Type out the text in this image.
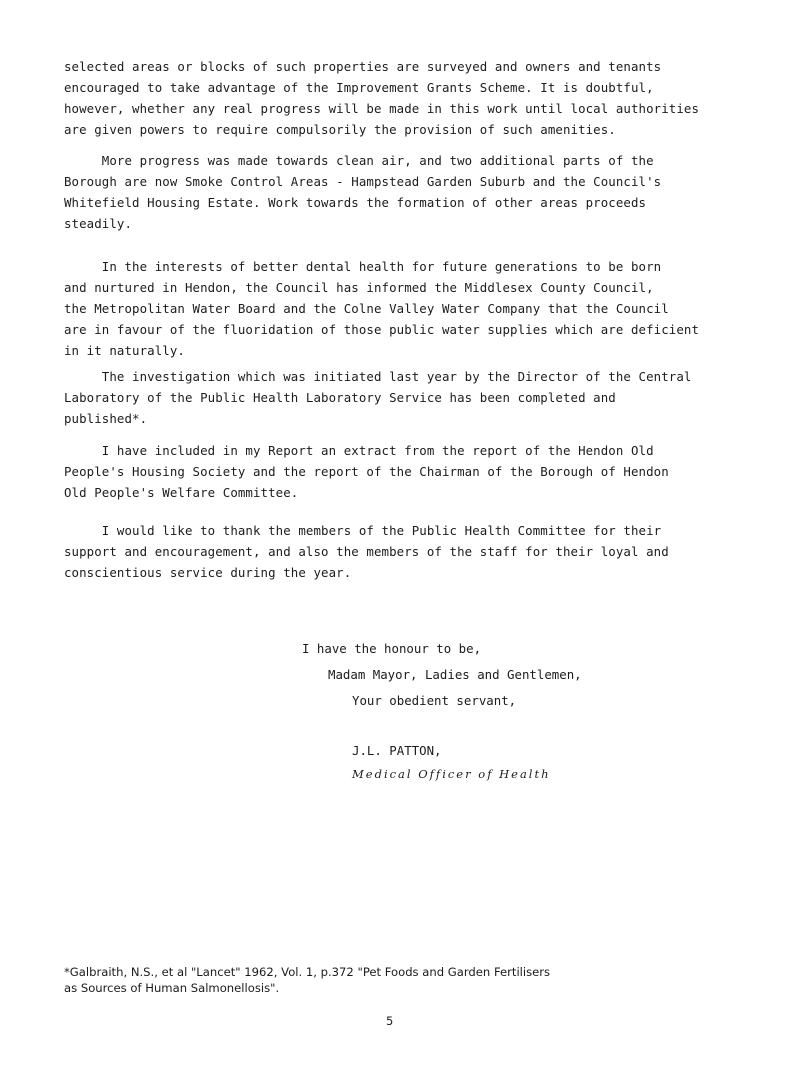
selected areas or blocks of such properties are surveyed and owners and tenants
encouraged to take advantage of the Improvement Grants Scheme. It is doubtful,
however, whether any real progress will be made in this work until local authorities
are given powers to require compulsorily the provision of such amenities.

More progress was made towards clean air, and two additional parts of the
Borough are now Smoke Control Areas - Hampstead Garden Suburb and the Council's
Whitefield Housing Estate. Work towards the formation of other areas proceeds
steadily.

In the interests of better dental health for future generations to be born
and nurtured in Hendon, the Council has informed the Middlesex County Council,
the Metropolitan Water Board and the Colne Valley Water Company that the Council
are in favour of the fluoridation of those public water supplies which are deficient
in it naturally.

The investigation which was initiated last year by the Director of the Central
Laboratory of the Public Health Laboratory Service has been completed and
published*.

I have included in my Report an extract from the report of the Hendon Old
People's Housing Society and the report of the Chairman of the Borough of Hendon
Old People's Welfare Committee.

I would like to thank the members of the Public Health Committee for their
support and encouragement, and also the members of the staff for their loyal and
conscientious service during the year.

I have the honour to be,
Madam Mayor, Ladies and Gentlemen,
Your obedient servant,
J.L. PATTON,
Medical Officer of Health

*Galbraith, N.S., et al "Lancet" 1962, Vol. 1, p.372 "Pet Foods and Garden Fertilisers
as Sources of Human Salmonellosis".

5
